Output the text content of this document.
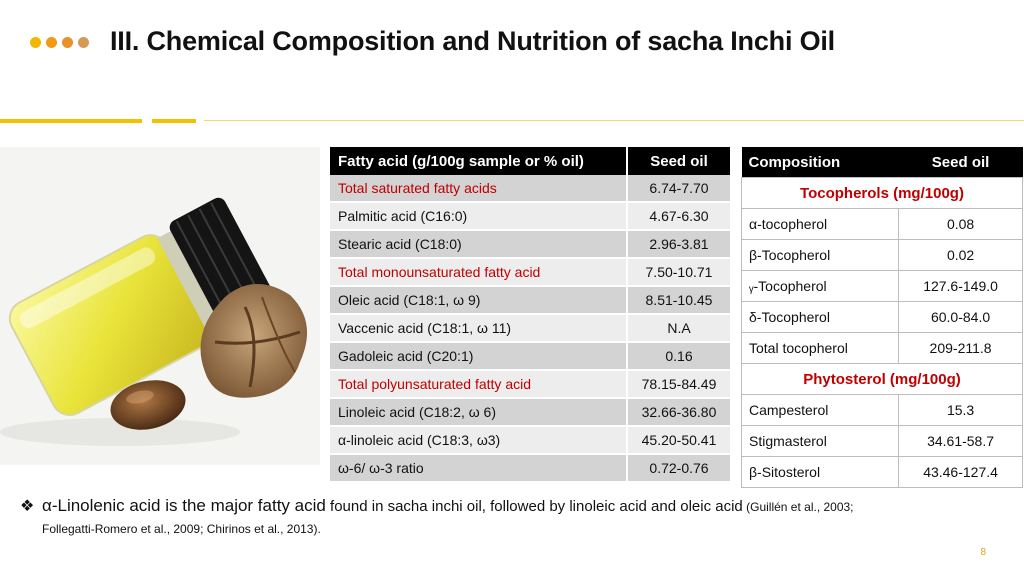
III. Chemical Composition and Nutrition of sacha Inchi Oil
Fatty acid (g/100g sample or % oil)	Seed oil
Total saturated fatty acids	6.74-7.70
Palmitic acid (C16:0)	4.67-6.30
Stearic acid (C18:0)	2.96-3.81
Total monounsaturated fatty acid	7.50-10.71
Oleic acid (C18:1, ω 9)	8.51-10.45
Vaccenic acid (C18:1, ω 11)	N.A
Gadoleic acid (C20:1)	0.16
Total polyunsaturated fatty acid	78.15-84.49
Linoleic acid (C18:2, ω 6)	32.66-36.80
α-linoleic acid (C18:3, ω3)	45.20-50.41
ω-6/ ω-3 ratio	0.72-0.76
Composition	Seed oil
Tocopherols (mg/100g)	
α-tocopherol	0.08
β-Tocopherol	0.02
ᵧ-Tocopherol	127.6-149.0
δ-Tocopherol	60.0-84.0
Total tocopherol	209-211.8
Phytosterol (mg/100g)	
Campesterol	15.3
Stigmasterol	34.61-58.7
β-Sitosterol	43.46-127.4
❖ α-Linolenic acid is the major fatty acid found in sacha inchi oil, followed by linoleic acid and oleic acid (Guillén et al., 2003;
Follegatti-Romero et al., 2009; Chirinos et al., 2013).
8
